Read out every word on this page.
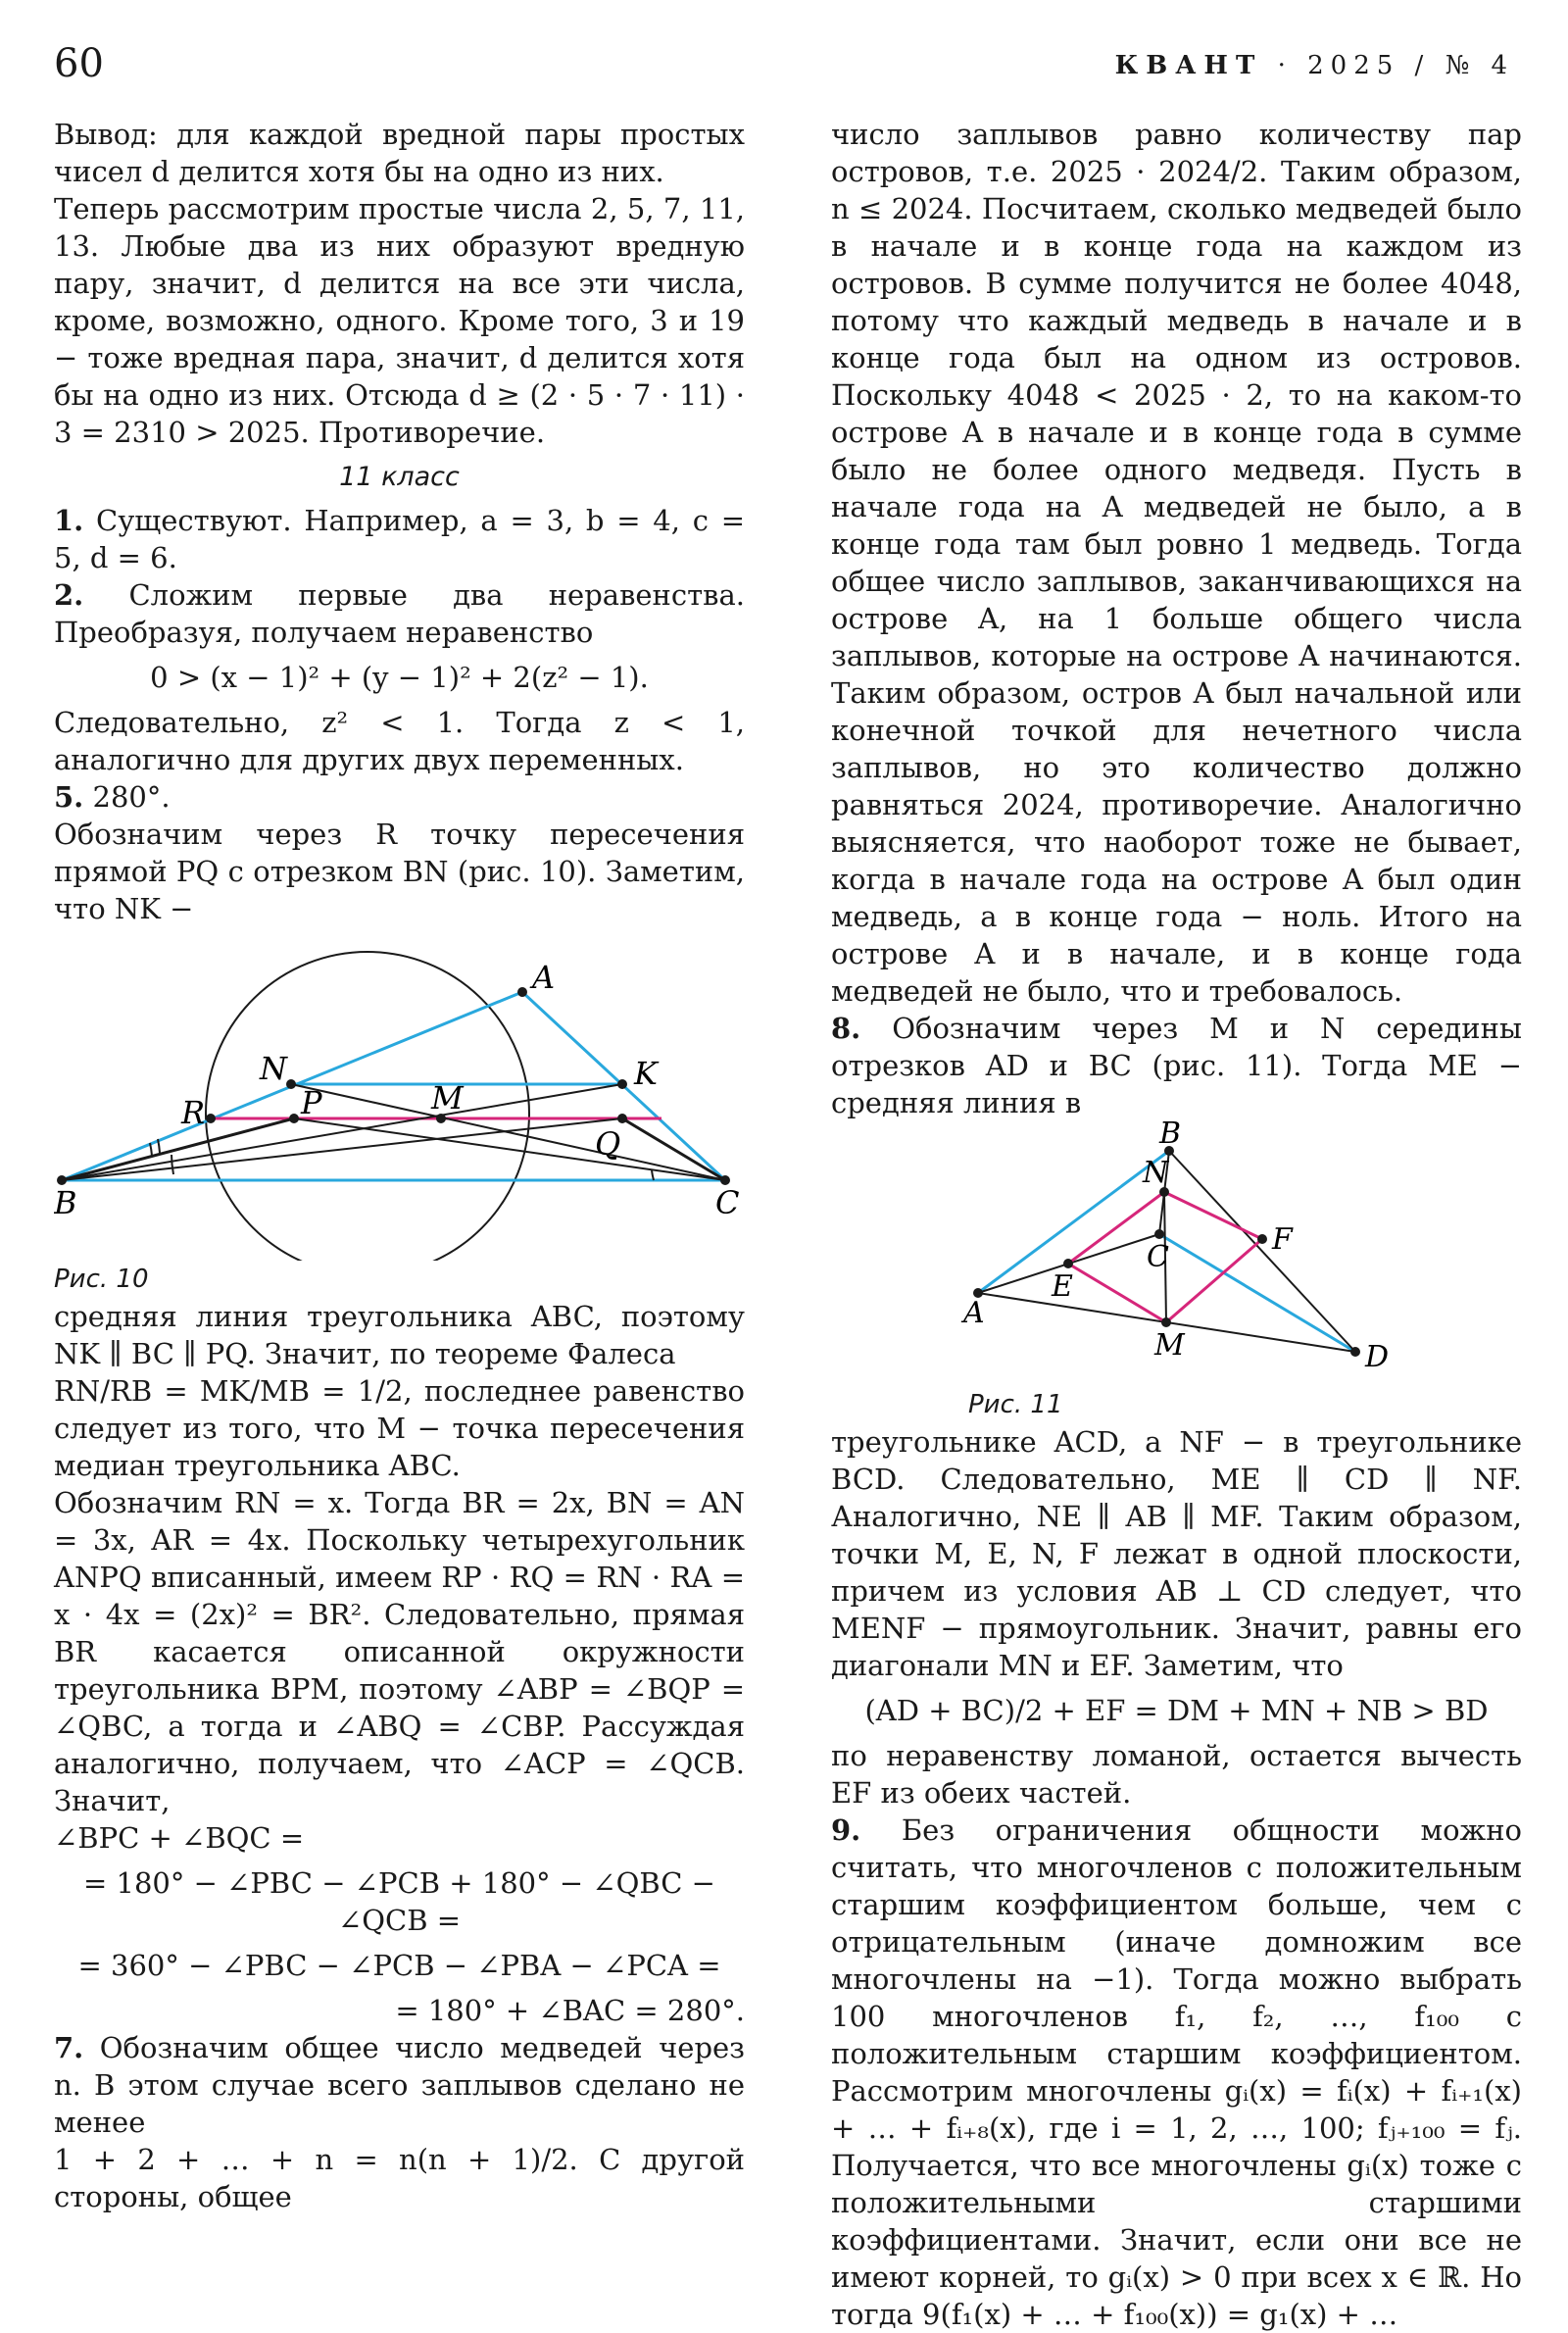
60	КВАНТ · 2025 / № 4

Вывод: для каждой вредной пары простых чисел d делится хотя бы на одно из них.

Теперь рассмотрим простые числа 2, 5, 7, 11, 13. Любые два из них образуют вредную пару, значит, d делится на все эти числа, кроме, возможно, одного. Кроме того, 3 и 19 − тоже вредная пара, значит, d делится хотя бы на одно из них. Отсюда d ≥ (2 · 5 · 7 · 11) · 3 = 2310 > 2025. Противоречие.

11 класс

1. Существуют. Например, a = 3, b = 4, c = 5, d = 6.

2. Сложим первые два неравенства. Преобразуя, получаем неравенство

0 > (x − 1)² + (y − 1)² + 2(z² − 1).

Следовательно, z² < 1. Тогда z < 1, аналогично для других двух переменных.

5. 280°.

Обозначим через R точку пересечения прямой PQ с отрезком BN (рис. 10). Заметим, что NK −

A
N	K
R	P	M
Q
B	C
Рис. 10

средняя линия треугольника ABC, поэтому NK ∥ BC ∥ PQ. Значит, по теореме Фалеса

RN/RB = MK/MB = 1/2, последнее равенство следует из того, что M − точка пересечения медиан треугольника ABC.

Обозначим RN = x. Тогда BR = 2x, BN = AN = 3x, AR = 4x. Поскольку четырехугольник ANPQ вписанный, имеем RP · RQ = RN · RA = x · 4x = (2x)² = BR². Следовательно, прямая BR касается описанной окружности треугольника BPM, поэтому ∠ABP = ∠BQP = ∠QBC, а тогда и ∠ABQ = ∠CBP. Рассуждая аналогично, получаем, что ∠ACP = ∠QCB. Значит,

∠BPC + ∠BQC =
= 180° − ∠PBC − ∠PCB + 180° − ∠QBC − ∠QCB =
= 360° − ∠PBC − ∠PCB − ∠PBA − ∠PCA =
= 180° + ∠BAC = 280°.

7. Обозначим общее число медведей через n. В этом случае всего заплывов сделано не менее

1 + 2 + … + n = n(n + 1)/2. С другой стороны, общее

число заплывов равно количеству пар островов, т.е. 2025 · 2024/2. Таким образом, n ≤ 2024. Посчитаем, сколько медведей было в начале и в конце года на каждом из островов. В сумме получится не более 4048, потому что каждый медведь в начале и в конце года был на одном из островов. Поскольку 4048 < 2025 · 2, то на каком-то острове A в начале и в конце года в сумме было не более одного медведя. Пусть в начале года на A медведей не было, а в конце года там был ровно 1 медведь. Тогда общее число заплывов, заканчивающихся на острове A, на 1 больше общего числа заплывов, которые на острове A начинаются. Таким образом, остров A был начальной или конечной точкой для нечетного числа заплывов, но это количество должно равняться 2024, противоречие. Аналогично выясняется, что наоборот тоже не бывает, когда в начале года на острове A был один медведь, а в конце года − ноль. Итого на острове A и в начале, и в конце года медведей не было, что и требовалось.

8. Обозначим через M и N середины отрезков AD и BC (рис. 11). Тогда ME − средняя линия в

B
N
C
F
E
A
M	D
Рис. 11

треугольнике ACD, а NF − в треугольнике BCD. Следовательно, ME ∥ CD ∥ NF. Аналогично, NE ∥ AB ∥ MF. Таким образом, точки M, E, N, F лежат в одной плоскости, причем из условия AB ⊥ CD следует, что MENF − прямоугольник. Значит, равны его диагонали MN и EF. Заметим, что

(AD + BC)/2 + EF = DM + MN + NB > BD

по неравенству ломаной, остается вычесть EF из обеих частей.

9. Без ограничения общности можно считать, что многочленов с положительным старшим коэффициентом больше, чем с отрицательным (иначе домножим все многочлены на −1). Тогда можно выбрать 100 многочленов f₁, f₂, …, f₁₀₀ с положительным старшим коэффициентом. Рассмотрим многочлены gᵢ(x) = fᵢ(x) + fᵢ₊₁(x) + … + fᵢ₊₈(x), где i = 1, 2, …, 100; fⱼ₊₁₀₀ = fⱼ. Получается, что все многочлены gᵢ(x) тоже с положительными старшими коэффициентами. Значит, если они все не имеют корней, то gᵢ(x) > 0 при всех x ∈ ℝ. Но тогда 9(f₁(x) + … + f₁₀₀(x)) = g₁(x) + …
